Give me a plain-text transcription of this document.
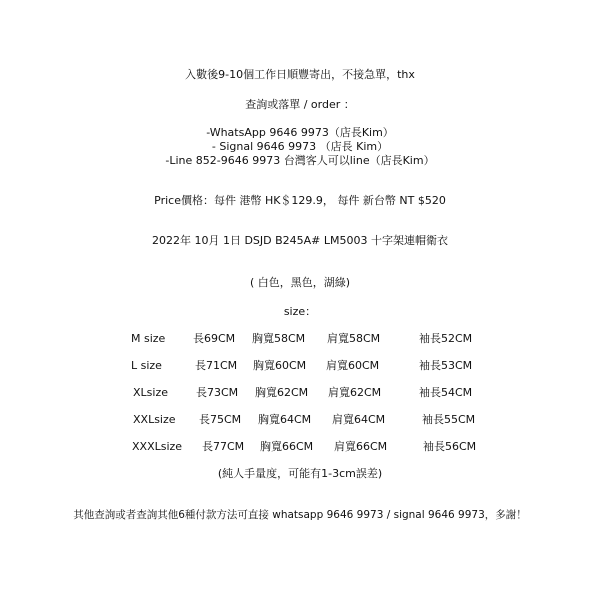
入數後9-10個工作日順豐寄出，不接急單，thx
查詢或落單 / order ：
-WhatsApp 9646 9973（店長Kim）
- Signal 9646 9973 （店長 Kim）
-Line 852-9646 9973 台灣客人可以line（店長Kim）
Price價格：每件 港幣 HK＄129.9， 每件 新台幣 NT $520
2022年 10月 1日 DSJD B245A# LM5003 十字架連帽衛衣
( 白色，黑色，湖綠)
size：
M size	長69CM 胸寬58CM 肩寬58CM	袖長52CM
L size	長71CM 胸寬60CM 肩寬60CM	袖長53CM
XLsize	長73CM 胸寬62CM 肩寬62CM	袖長54CM
XXLsize 長75CM 胸寬64CM 肩寬64CM	袖長55CM
XXXLsize 長77CM 胸寬66CM 肩寬66CM	袖長56CM
(純人手量度，可能有1-3cm誤差)
其他查詢或者查詢其他6種付款方法可直接 whatsapp 9646 9973 / signal 9646 9973，多謝！
